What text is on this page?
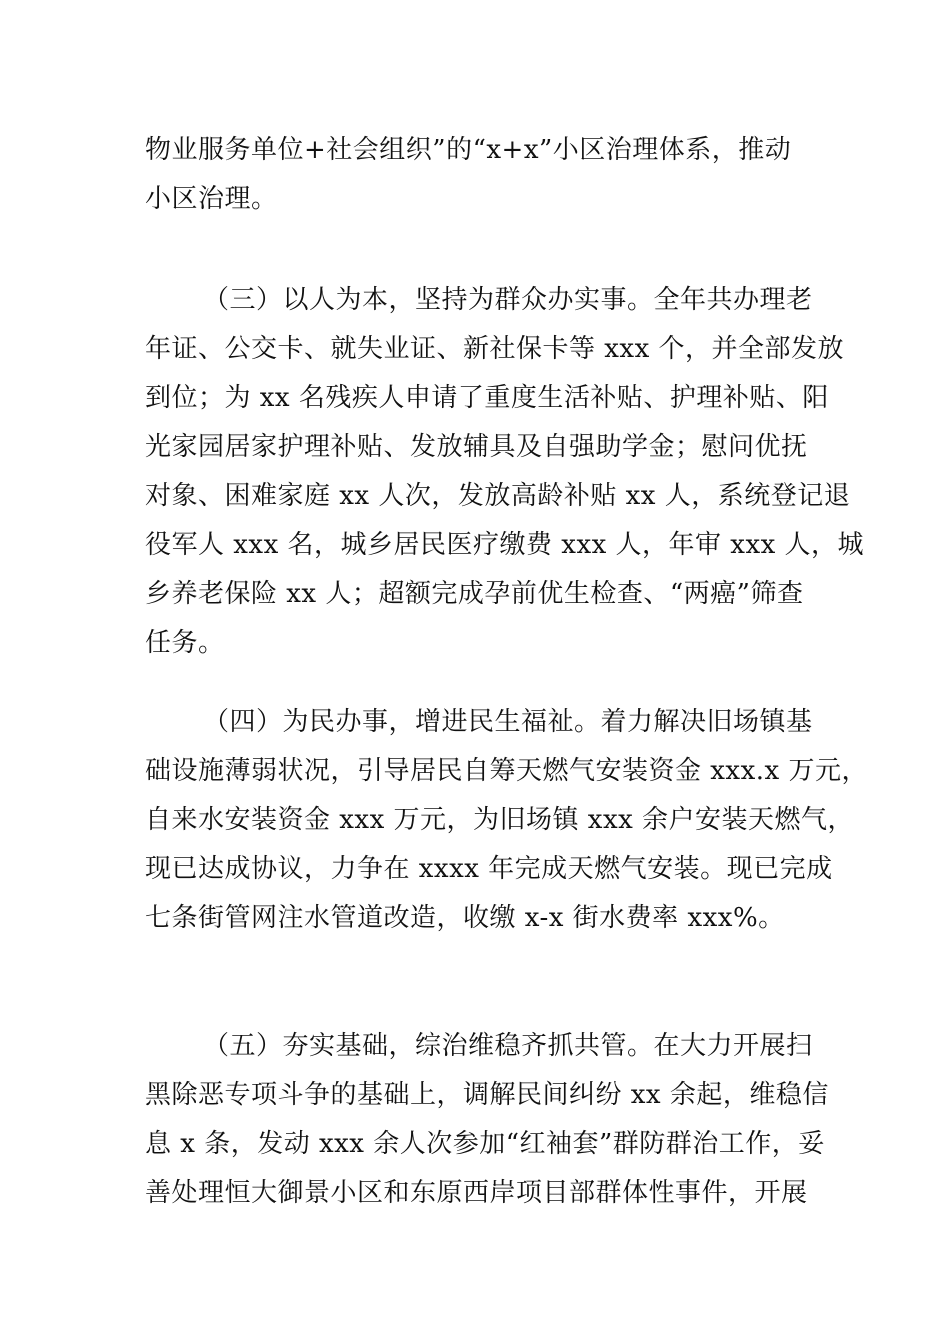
物业服务单位+社会组织”的“x+x”小区治理体系，推动
小区治理。
（三）以人为本，坚持为群众办实事。全年共办理老
年证、公交卡、就失业证、新社保卡等 xxx 个，并全部发放
到位；为 xx 名残疾人申请了重度生活补贴、护理补贴、阳
光家园居家护理补贴、发放辅具及自强助学金；慰问优抚
对象、困难家庭 xx 人次，发放高龄补贴 xx 人，系统登记退
役军人 xxx 名，城乡居民医疗缴费 xxx 人，年审 xxx 人，城
乡养老保险 xx 人；超额完成孕前优生检查、“两癌”筛查
任务。
（四）为民办事，增进民生福祉。着力解决旧场镇基
础设施薄弱状况，引导居民自筹天燃气安装资金 xxx.x 万元，
自来水安装资金 xxx 万元，为旧场镇 xxx 余户安装天燃气，
现已达成协议，力争在 xxxx 年完成天燃气安装。现已完成
七条街管网注水管道改造，收缴 x-x 街水费率 xxx%。
（五）夯实基础，综治维稳齐抓共管。在大力开展扫
黑除恶专项斗争的基础上，调解民间纠纷 xx 余起，维稳信
息 x 条，发动 xxx 余人次参加“红袖套”群防群治工作，妥
善处理恒大御景小区和东原西岸项目部群体性事件，开展
